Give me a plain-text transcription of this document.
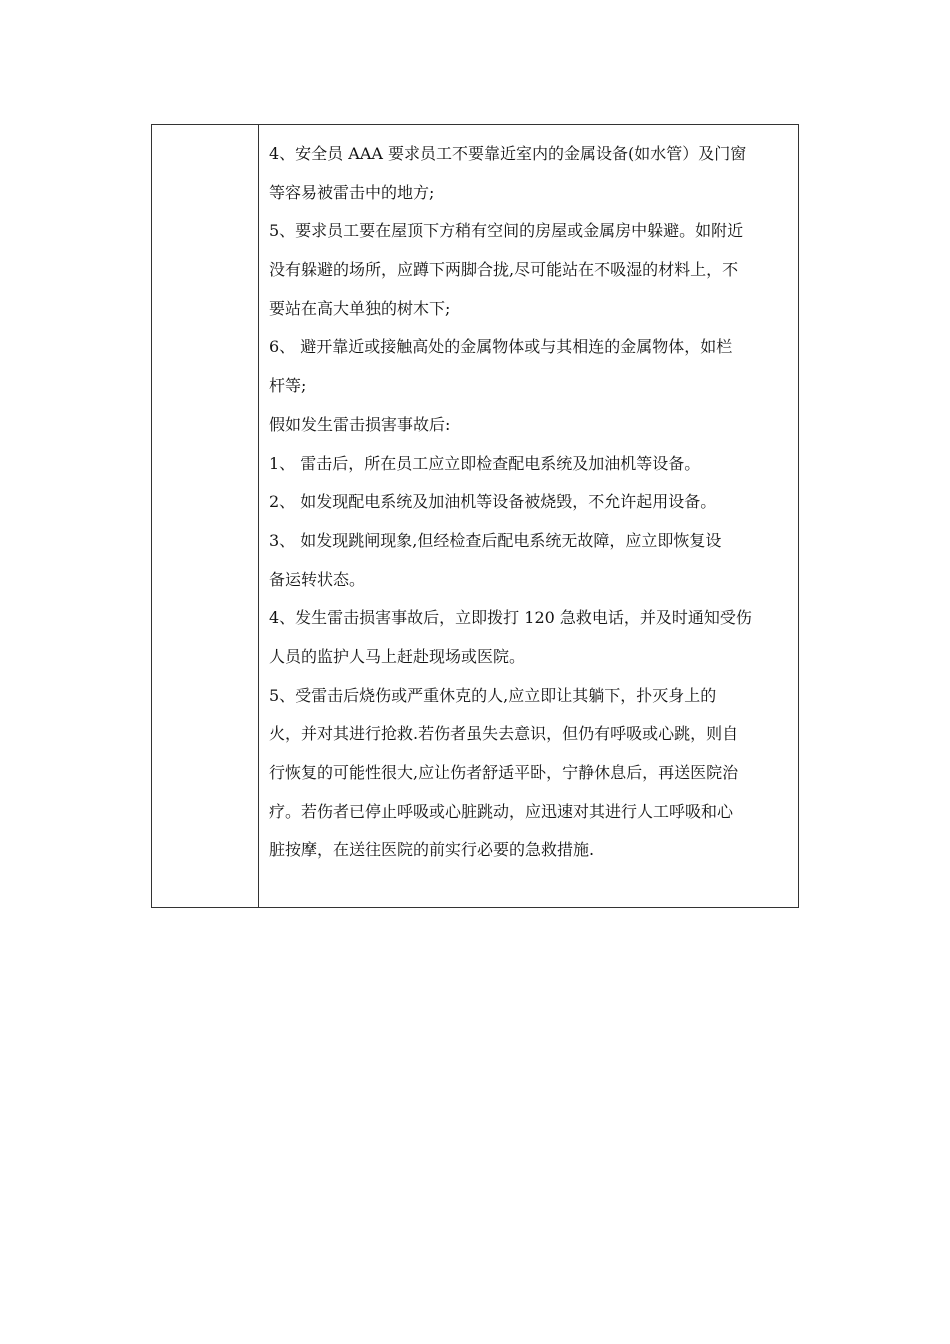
4、安全员 AAA 要求员工不要靠近室内的金属设备(如水管）及门窗
等容易被雷击中的地方;
5、要求员工要在屋顶下方稍有空间的房屋或金属房中躲避。如附近
没有躲避的场所，应蹲下两脚合拢,尽可能站在不吸湿的材料上，不
要站在高大单独的树木下;
6、 避开靠近或接触高处的金属物体或与其相连的金属物体，如栏
杆等;
假如发生雷击损害事故后:
1、 雷击后，所在员工应立即检查配电系统及加油机等设备。
2、 如发现配电系统及加油机等设备被烧毁，不允许起用设备。
3、 如发现跳闸现象,但经检查后配电系统无故障，应立即恢复设
备运转状态。
4、发生雷击损害事故后，立即拨打 120 急救电话，并及时通知受伤
人员的监护人马上赶赴现场或医院。
5、受雷击后烧伤或严重休克的人,应立即让其躺下，扑灭身上的
火，并对其进行抢救.若伤者虽失去意识，但仍有呼吸或心跳，则自
行恢复的可能性很大,应让伤者舒适平卧，宁静休息后，再送医院治
疗。若伤者已停止呼吸或心脏跳动，应迅速对其进行人工呼吸和心
脏按摩，在送往医院的前实行必要的急救措施.
